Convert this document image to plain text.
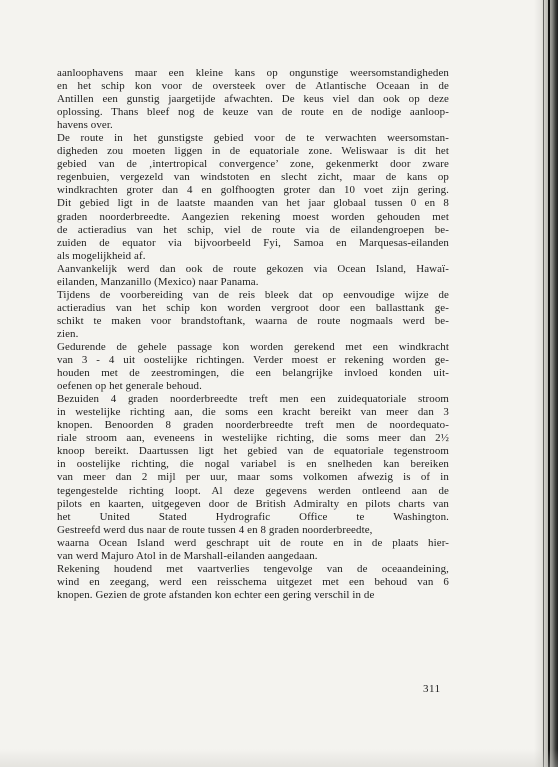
aanloophavens maar een kleine kans op ongunstige weersomstandigheden
en het schip kon voor de oversteek over de Atlantische Oceaan in de
Antillen een gunstig jaargetijde afwachten. De keus viel dan ook op deze
oplossing. Thans bleef nog de keuze van de route en de nodige aanloop-
havens over.
De route in het gunstigste gebied voor de te verwachten weersomstan-
digheden zou moeten liggen in de equatoriale zone. Weliswaar is dit het
gebied van de ‚intertropical convergence’ zone, gekenmerkt door zware
regenbuien, vergezeld van windstoten en slecht zicht, maar de kans op
windkrachten groter dan 4 en golfhoogten groter dan 10 voet zijn gering.
Dit gebied ligt in de laatste maanden van het jaar globaal tussen 0 en 8
graden noorderbreedte. Aangezien rekening moest worden gehouden met
de actieradius van het schip, viel de route via de eilandengroepen be-
zuiden de equator via bijvoorbeeld Fyi, Samoa en Marquesas-eilanden
als mogelijkheid af.
Aanvankelijk werd dan ook de route gekozen via Ocean Island, Hawaï-
eilanden, Manzanillo (Mexico) naar Panama.
Tijdens de voorbereiding van de reis bleek dat op eenvoudige wijze de
actieradius van het schip kon worden vergroot door een ballasttank ge-
schikt te maken voor brandstoftank, waarna de route nogmaals werd be-
zien.
Gedurende de gehele passage kon worden gerekend met een windkracht
van 3 - 4 uit oostelijke richtingen. Verder moest er rekening worden ge-
houden met de zeestromingen, die een belangrijke invloed konden uit-
oefenen op het generale behoud.
Bezuiden 4 graden noorderbreedte treft men een zuidequatoriale stroom
in westelijke richting aan, die soms een kracht bereikt van meer dan 3
knopen. Benoorden 8 graden noorderbreedte treft men de noordequato-
riale stroom aan, eveneens in westelijke richting, die soms meer dan 2½
knoop bereikt. Daartussen ligt het gebied van de equatoriale tegenstroom
in oostelijke richting, die nogal variabel is en snelheden kan bereiken
van meer dan 2 mijl per uur, maar soms volkomen afwezig is of in
tegengestelde richting loopt. Al deze gegevens werden ontleend aan de
pilots en kaarten, uitgegeven door de British Admiralty en pilots charts van
het United Stated Hydrografic Office te Washington.
Gestreefd werd dus naar de route tussen 4 en 8 graden noorderbreedte,
waarna Ocean Island werd geschrapt uit de route en in de plaats hier-
van werd Majuro Atol in de Marshall-eilanden aangedaan.
Rekening houdend met vaartverlies tengevolge van de oceaandeining,
wind en zeegang, werd een reisschema uitgezet met een behoud van 6
knopen. Gezien de grote afstanden kon echter een gering verschil in de
311
